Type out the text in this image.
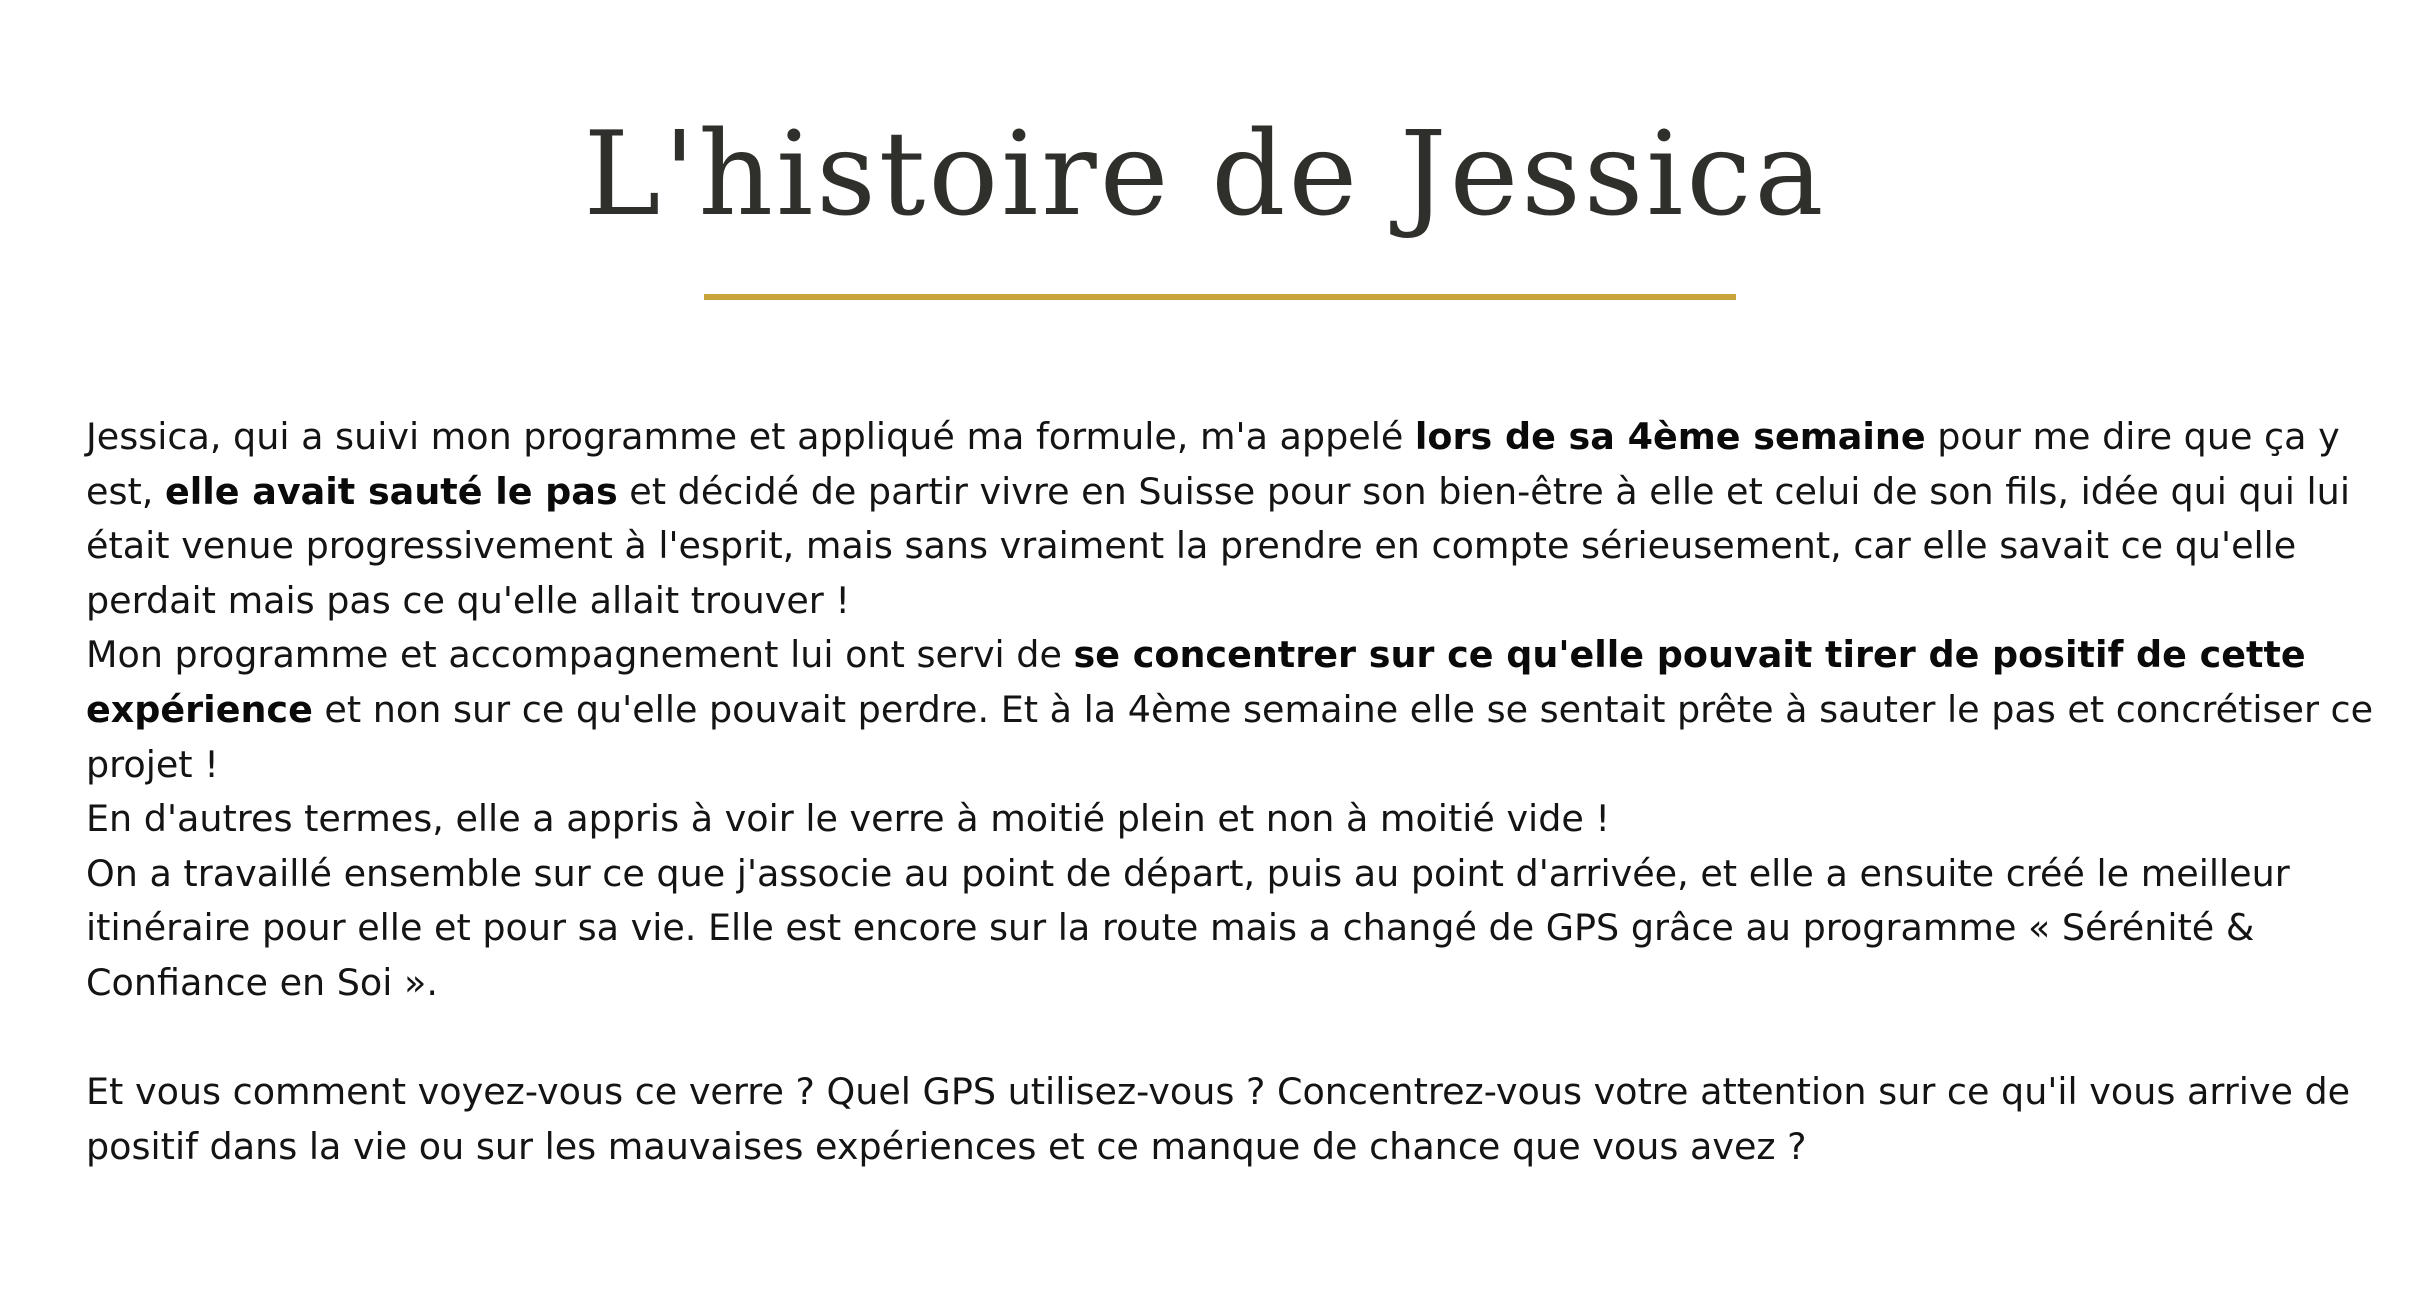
L'histoire de Jessica

Jessica, qui a suivi mon programme et appliqué ma formule, m'a appelé lors de sa 4ème semaine pour me dire que ça y est, elle avait sauté le pas et décidé de partir vivre en Suisse pour son bien-être à elle et celui de son fils, idée qui qui lui était venue progressivement à l'esprit, mais sans vraiment la prendre en compte sérieusement, car elle savait ce qu'elle perdait mais pas ce qu'elle allait trouver !

Mon programme et accompagnement lui ont servi de se concentrer sur ce qu'elle pouvait tirer de positif de cette expérience et non sur ce qu'elle pouvait perdre. Et à la 4ème semaine elle se sentait prête à sauter le pas et concrétiser ce projet !

En d'autres termes, elle a appris à voir le verre à moitié plein et non à moitié vide !

On a travaillé ensemble sur ce que j'associe au point de départ, puis au point d'arrivée, et elle a ensuite créé le meilleur itinéraire pour elle et pour sa vie. Elle est encore sur la route mais a changé de GPS grâce au programme « Sérénité & Confiance en Soi ».

Et vous comment voyez-vous ce verre ? Quel GPS utilisez-vous ? Concentrez-vous votre attention sur ce qu'il vous arrive de positif dans la vie ou sur les mauvaises expériences et ce manque de chance que vous avez ?
